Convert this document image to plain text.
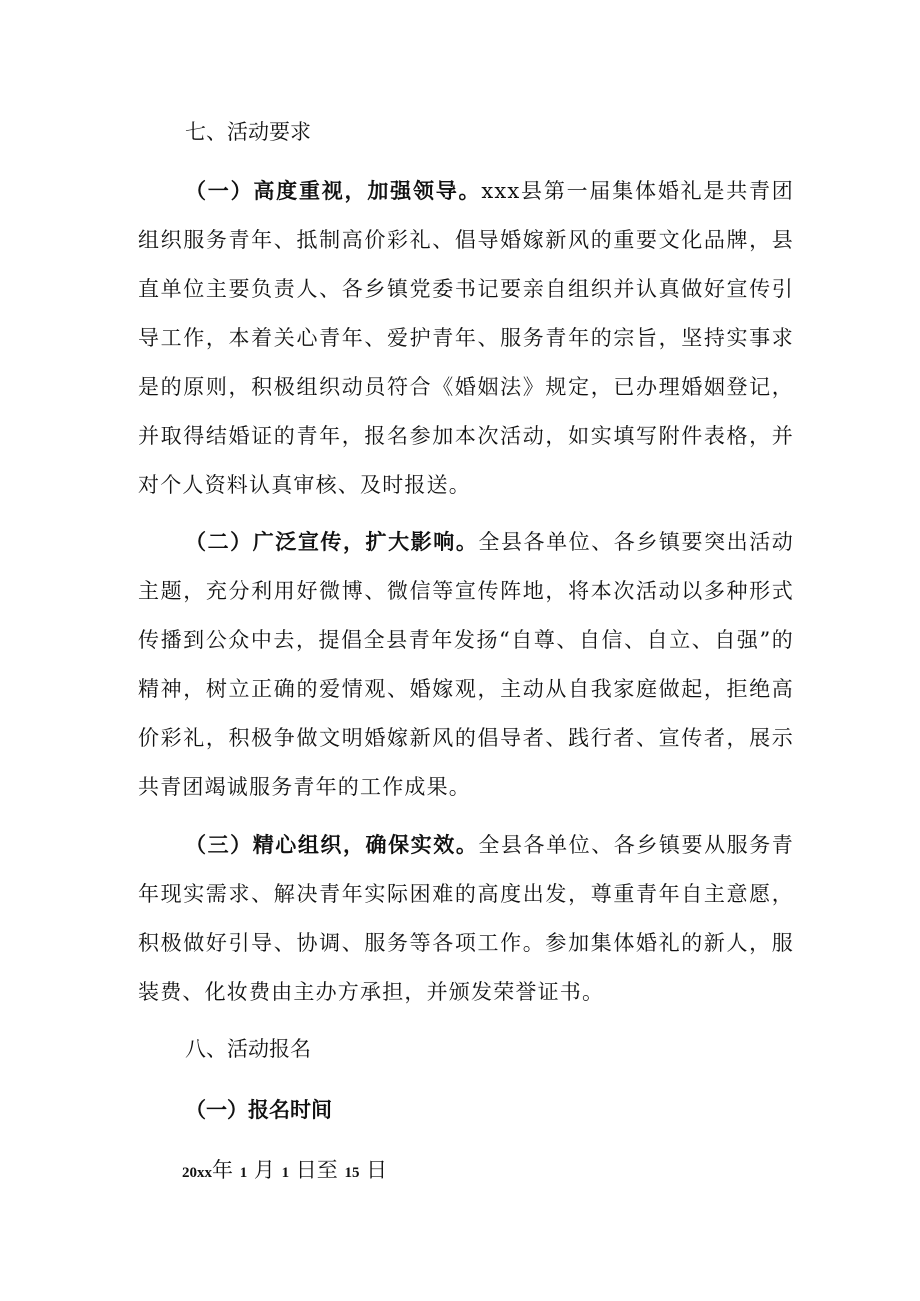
七、活动要求

（一）高度重视，加强领导。xxx县第一届集体婚礼是共青团组织服务青年、抵制高价彩礼、倡导婚嫁新风的重要文化品牌，县直单位主要负责人、各乡镇党委书记要亲自组织并认真做好宣传引导工作，本着关心青年、爱护青年、服务青年的宗旨，坚持实事求是的原则，积极组织动员符合《婚姻法》规定，已办理婚姻登记，并取得结婚证的青年，报名参加本次活动，如实填写附件表格，并对个人资料认真审核、及时报送。

（二）广泛宣传，扩大影响。全县各单位、各乡镇要突出活动主题，充分利用好微博、微信等宣传阵地，将本次活动以多种形式传播到公众中去，提倡全县青年发扬“自尊、自信、自立、自强”的精神，树立正确的爱情观、婚嫁观，主动从自我家庭做起，拒绝高价彩礼，积极争做文明婚嫁新风的倡导者、践行者、宣传者，展示共青团竭诚服务青年的工作成果。

（三）精心组织，确保实效。全县各单位、各乡镇要从服务青年现实需求、解决青年实际困难的高度出发，尊重青年自主意愿，积极做好引导、协调、服务等各项工作。参加集体婚礼的新人，服装费、化妆费由主办方承担，并颁发荣誉证书。

八、活动报名
（一）报名时间
20xx年 1 月 1 日至 15 日
